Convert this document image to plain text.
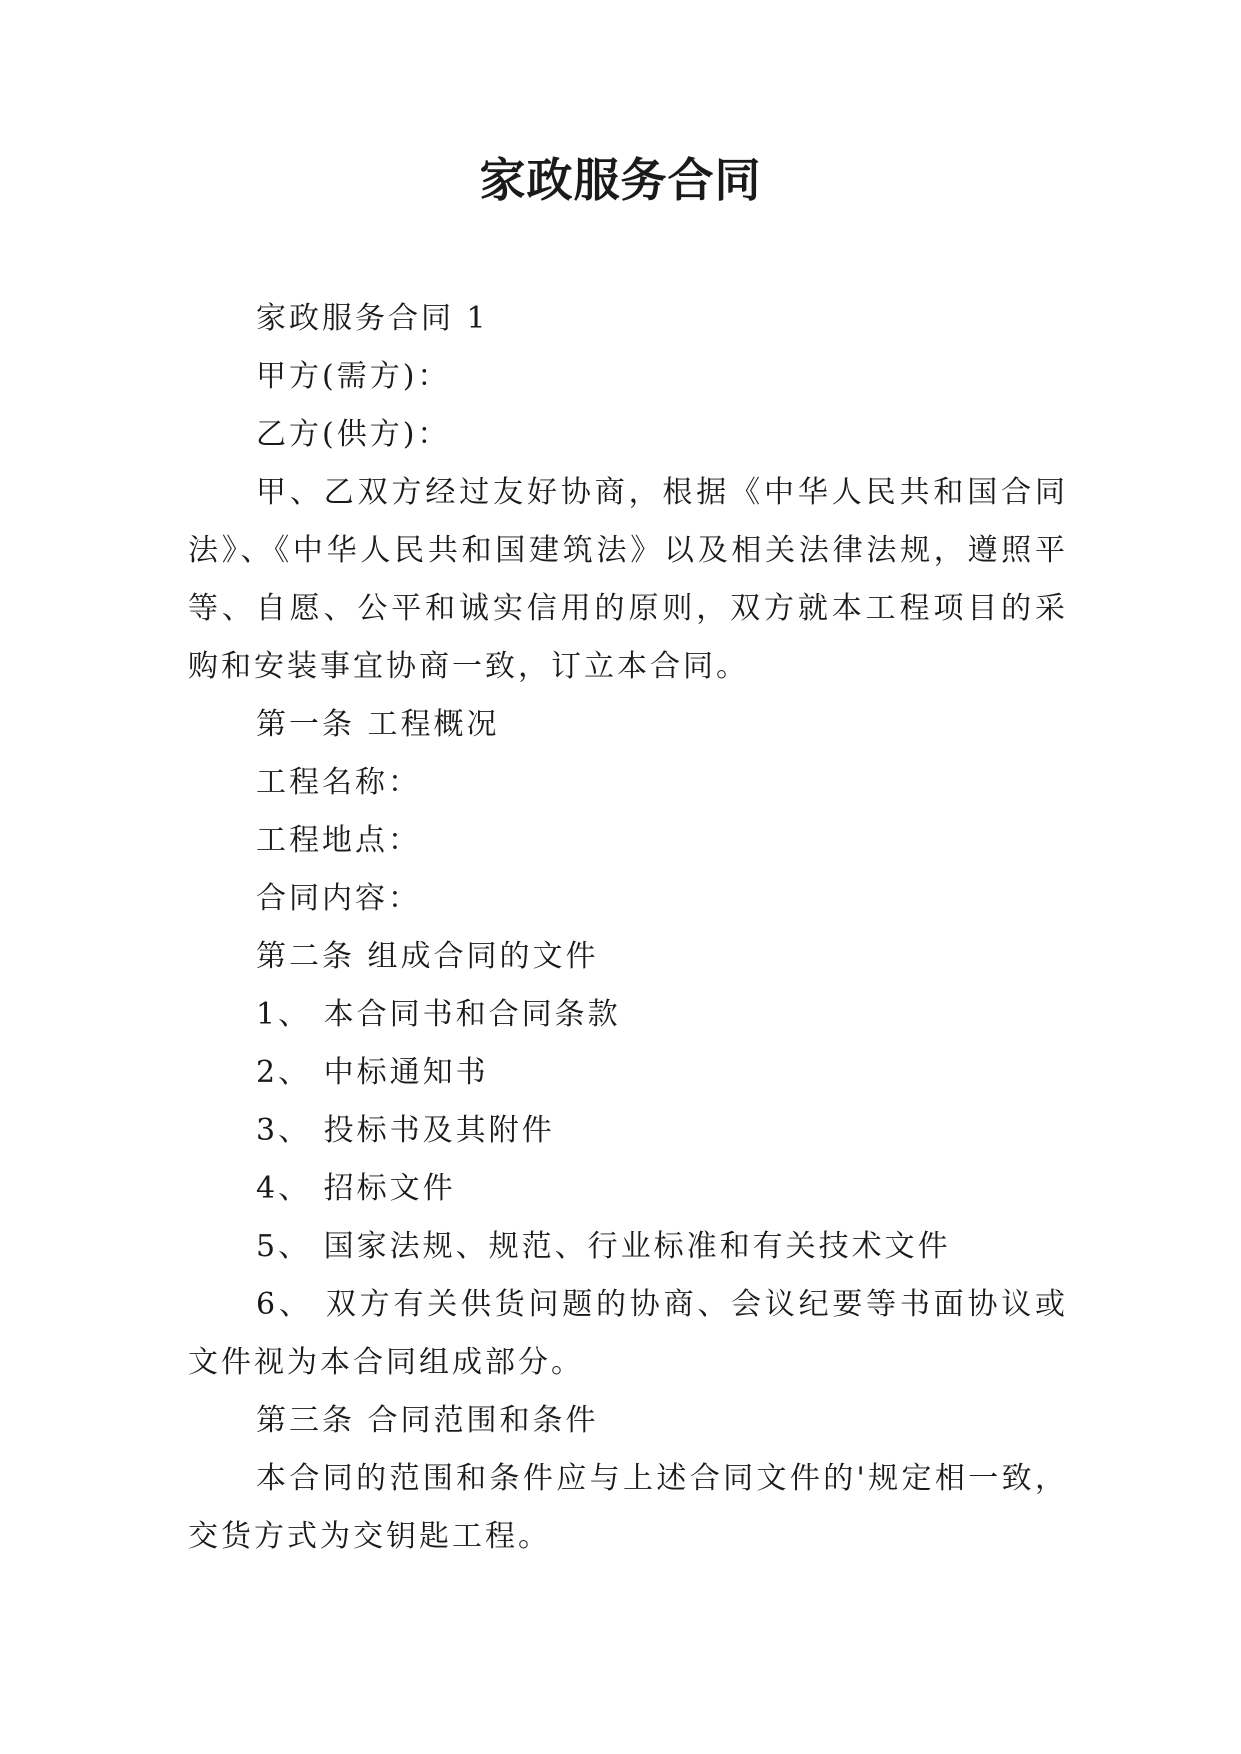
家政服务合同

家政服务合同 1

甲方(需方)：

乙方(供方)：

甲、乙双方经过友好协商，根据《中华人民共和国合同法》、《中华人民共和国建筑法》以及相关法律法规，遵照平等、自愿、公平和诚实信用的原则，双方就本工程项目的采购和安装事宜协商一致，订立本合同。

第一条 工程概况

工程名称：

工程地点：

合同内容：

第二条 组成合同的文件

1、 本合同书和合同条款

2、 中标通知书

3、 投标书及其附件

4、 招标文件

5、 国家法规、规范、行业标准和有关技术文件

6、 双方有关供货问题的协商、会议纪要等书面协议或文件视为本合同组成部分。

第三条 合同范围和条件

本合同的范围和条件应与上述合同文件的'规定相一致，交货方式为交钥匙工程。
